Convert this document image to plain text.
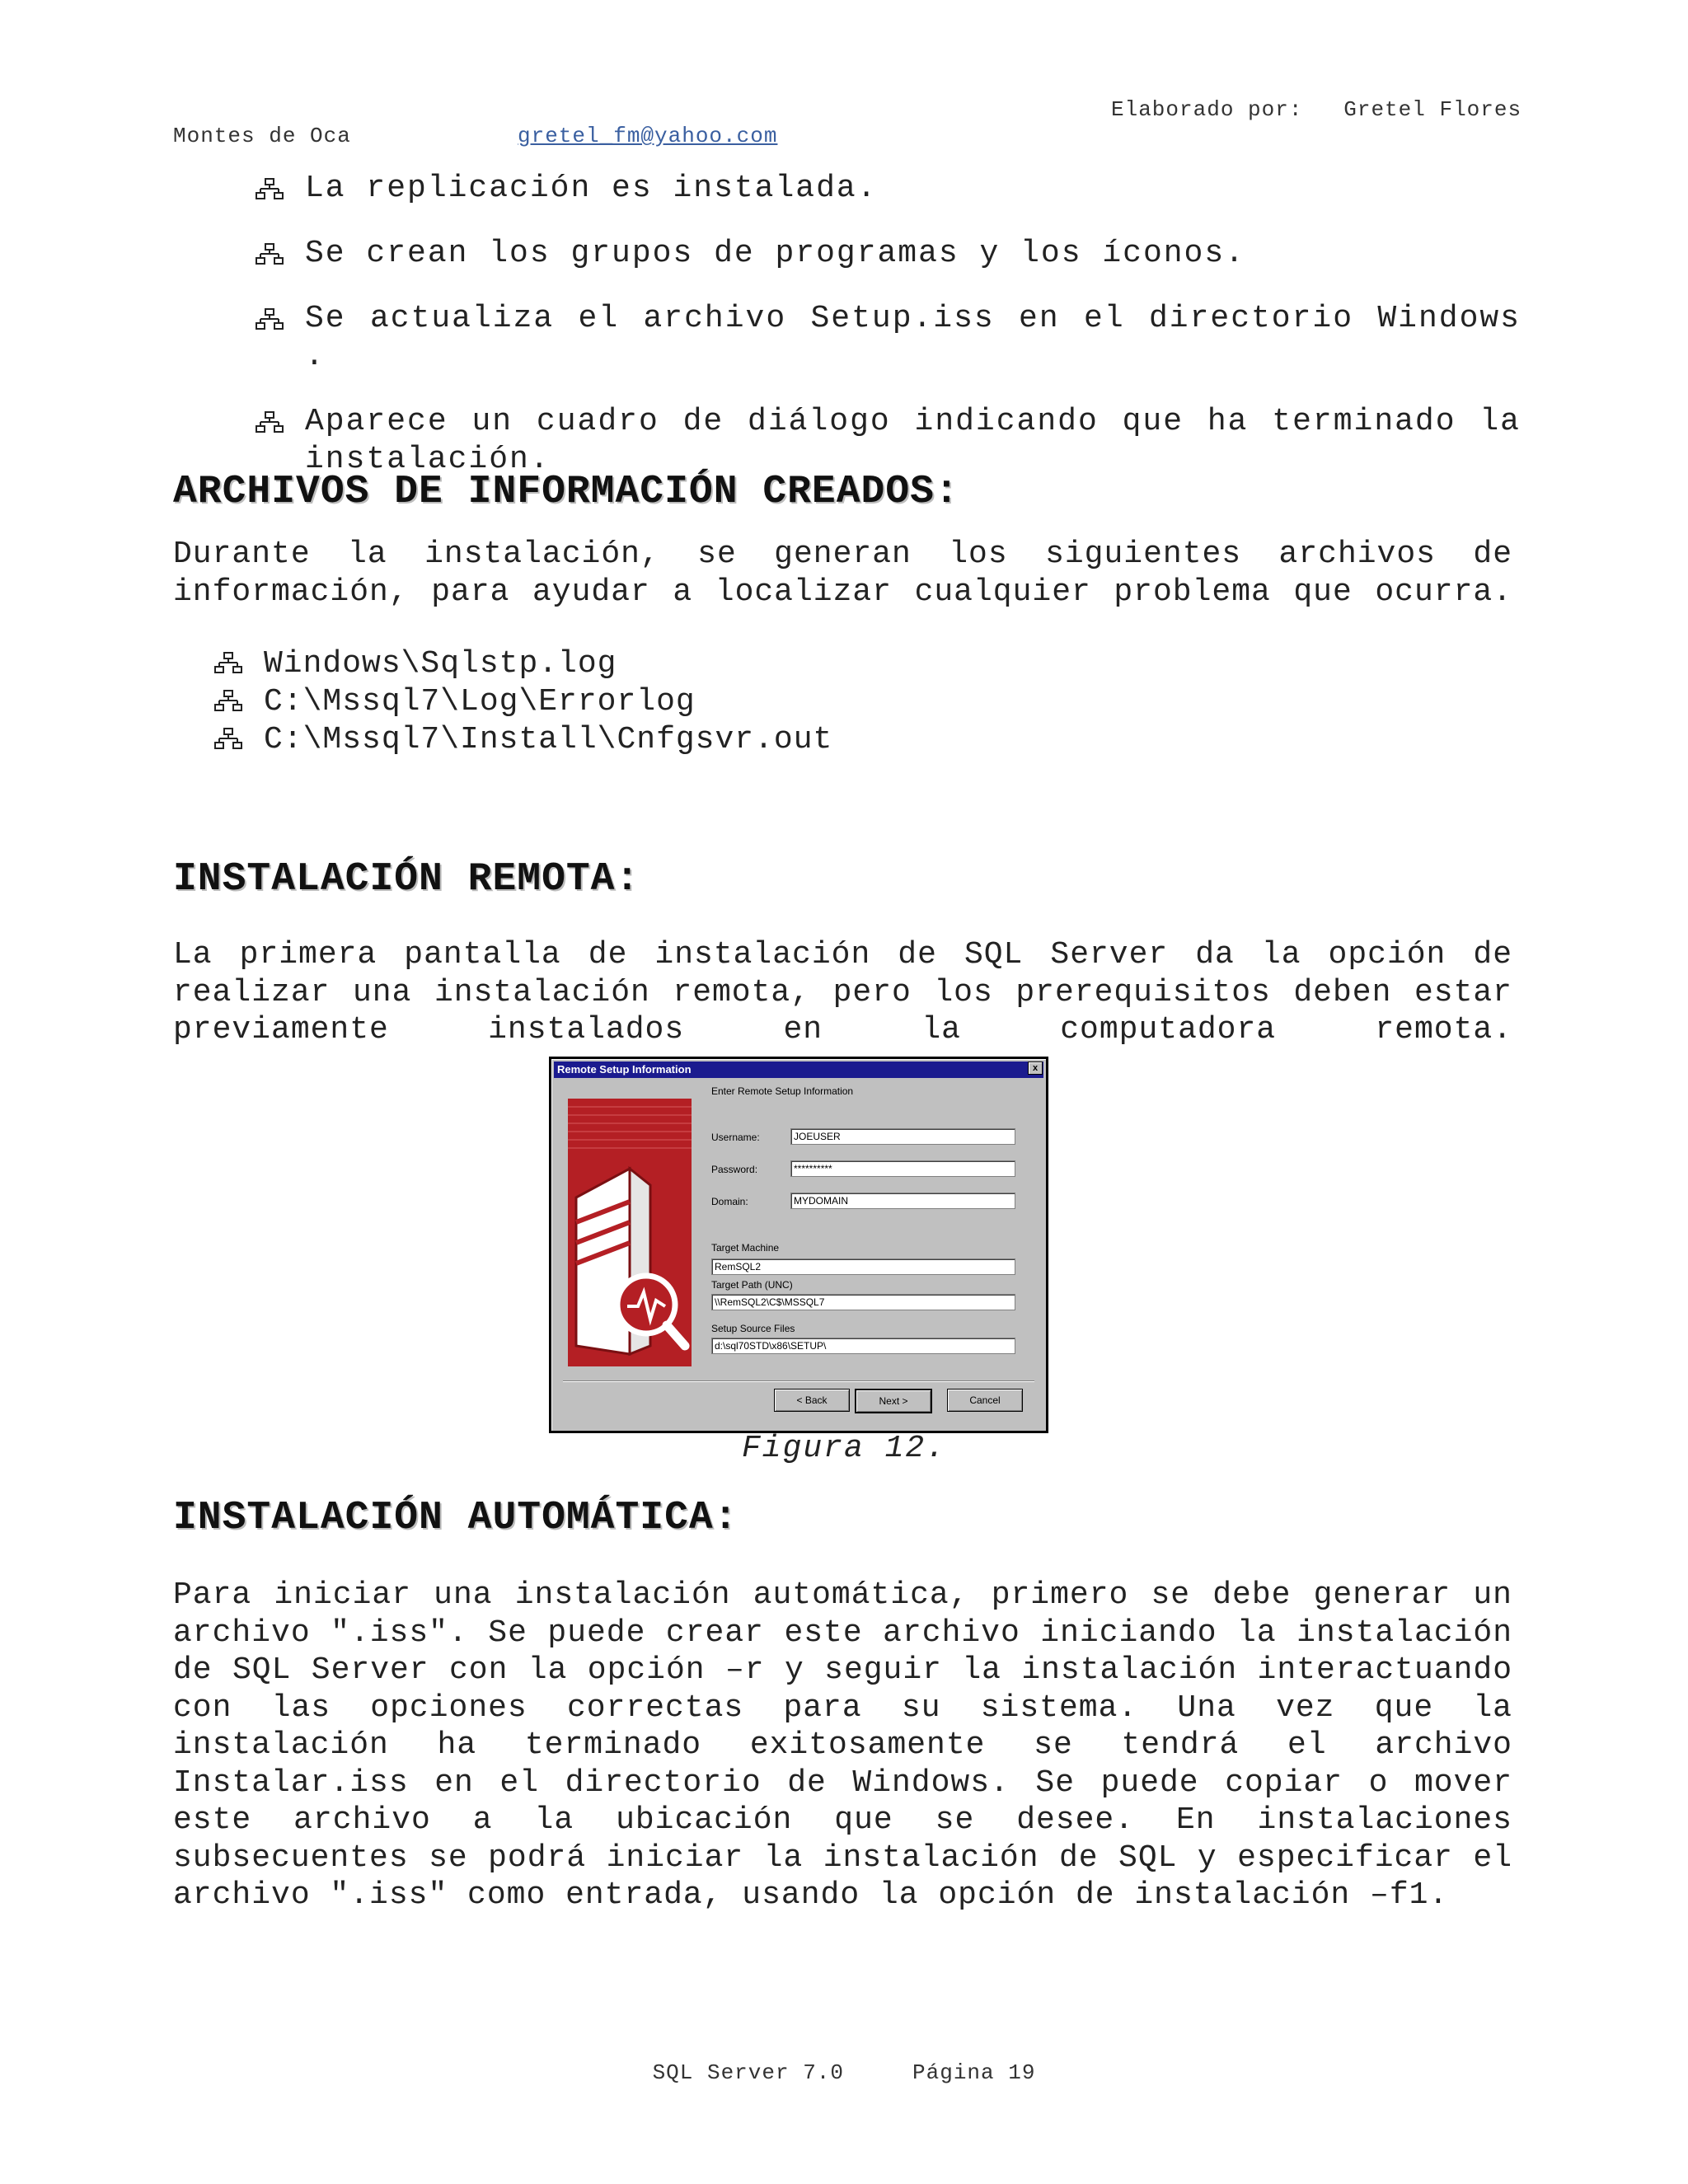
Elaborado por:   Gretel Flores
Montes de Oca	gretel_fm@yahoo.com
La replicación es instalada.
Se crean los grupos de programas y los íconos.
Se actualiza el archivo Setup.iss en el directorio Windows .
Aparece un cuadro de diálogo indicando que ha terminado la instalación.
ARCHIVOS DE INFORMACIÓN CREADOS:
Durante la instalación, se generan los siguientes archivos de información, para ayudar a localizar cualquier problema que ocurra.
Windows\Sqlstp.log
C:\Mssql7\Log\Errorlog
C:\Mssql7\Install\Cnfgsvr.out
INSTALACIÓN REMOTA:
La primera pantalla de instalación de SQL Server da la opción de realizar una instalación remota, pero los prerequisitos deben estar previamente instalados en la computadora remota.
Remote Setup Information	x
Enter Remote Setup Information
Username:	JOEUSER
Password:	**********
Domain:	MYDOMAIN
Target Machine
RemSQL2
Target Path (UNC)
\\RemSQL2\C$\MSSQL7
Setup Source Files
d:\sql70STD\x86\SETUP\
< Back	Next >	Cancel
Figura 12.
INSTALACIÓN AUTOMÁTICA:
Para iniciar una instalación automática, primero se debe generar un archivo ".iss". Se puede crear este archivo iniciando la instalación de SQL Server con la opción –r y seguir la instalación interactuando con las opciones correctas para su sistema. Una vez que la instalación ha terminado exitosamente se tendrá el archivo Instalar.iss en el directorio de Windows. Se puede copiar o mover este archivo a la ubicación que se desee. En instalaciones subsecuentes se podrá iniciar la instalación de SQL y especificar el archivo ".iss" como entrada, usando la opción de instalación –f1.
SQL Server 7.0     Página 19
